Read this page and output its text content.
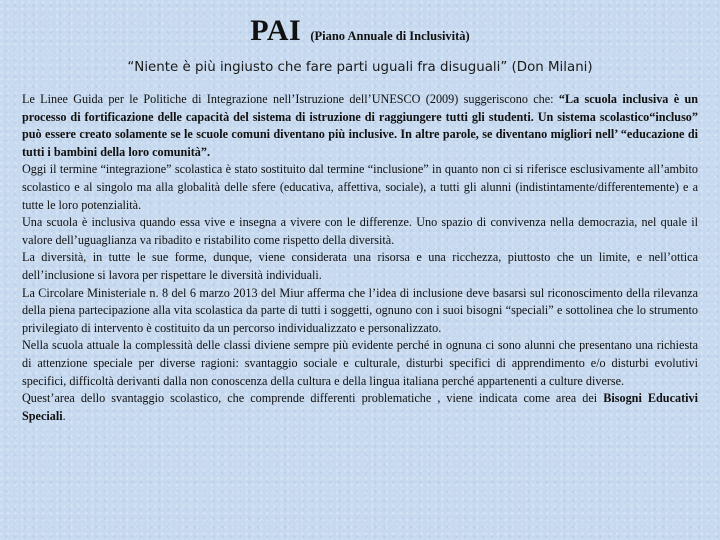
PAI (Piano Annuale di Inclusività)
“Niente è più ingiusto che fare parti uguali fra disuguali” (Don Milani)

Le Linee Guida per le Politiche di Integrazione nell’Istruzione dell’UNESCO (2009) suggeriscono che: “La scuola inclusiva è un processo di fortificazione delle capacità del sistema di istruzione di raggiungere tutti gli studenti. Un sistema scolastico“incluso” può essere creato solamente se le scuole comuni diventano più inclusive. In altre parole, se diventano migliori nell’ “educazione di tutti i bambini della loro comunità”.

Oggi il termine “integrazione” scolastica è stato sostituito dal termine “inclusione” in quanto non ci si riferisce esclusivamente all’ambito scolastico e al singolo ma alla globalità delle sfere (educativa, affettiva, sociale), a tutti gli alunni (indistintamente/differentemente) e a tutte le loro potenzialità.

Una scuola è inclusiva quando essa vive e insegna a vivere con le differenze. Uno spazio di convivenza nella democrazia, nel quale il valore dell’uguaglianza va ribadito e ristabilito come rispetto della diversità.

La diversità, in tutte le sue forme, dunque, viene considerata una risorsa e una ricchezza, piuttosto che un limite, e nell’ottica dell’inclusione si lavora per rispettare le diversità individuali.

La Circolare Ministeriale n. 8 del 6 marzo 2013 del Miur afferma che l’idea di inclusione deve basarsi sul riconoscimento della rilevanza della piena partecipazione alla vita scolastica da parte di tutti i soggetti, ognuno con i suoi bisogni “speciali” e sottolinea che lo strumento privilegiato di intervento è costituito da un percorso individualizzato e personalizzato.

Nella scuola attuale la complessità delle classi diviene sempre più evidente perché in ognuna ci sono alunni che presentano una richiesta di attenzione speciale per diverse ragioni: svantaggio sociale e culturale, disturbi specifici di apprendimento e/o disturbi evolutivi specifici, difficoltà derivanti dalla non conoscenza della cultura e della lingua italiana perché appartenenti a culture diverse.

Quest’area dello svantaggio scolastico, che comprende differenti problematiche , viene indicata come area dei Bisogni Educativi Speciali.
